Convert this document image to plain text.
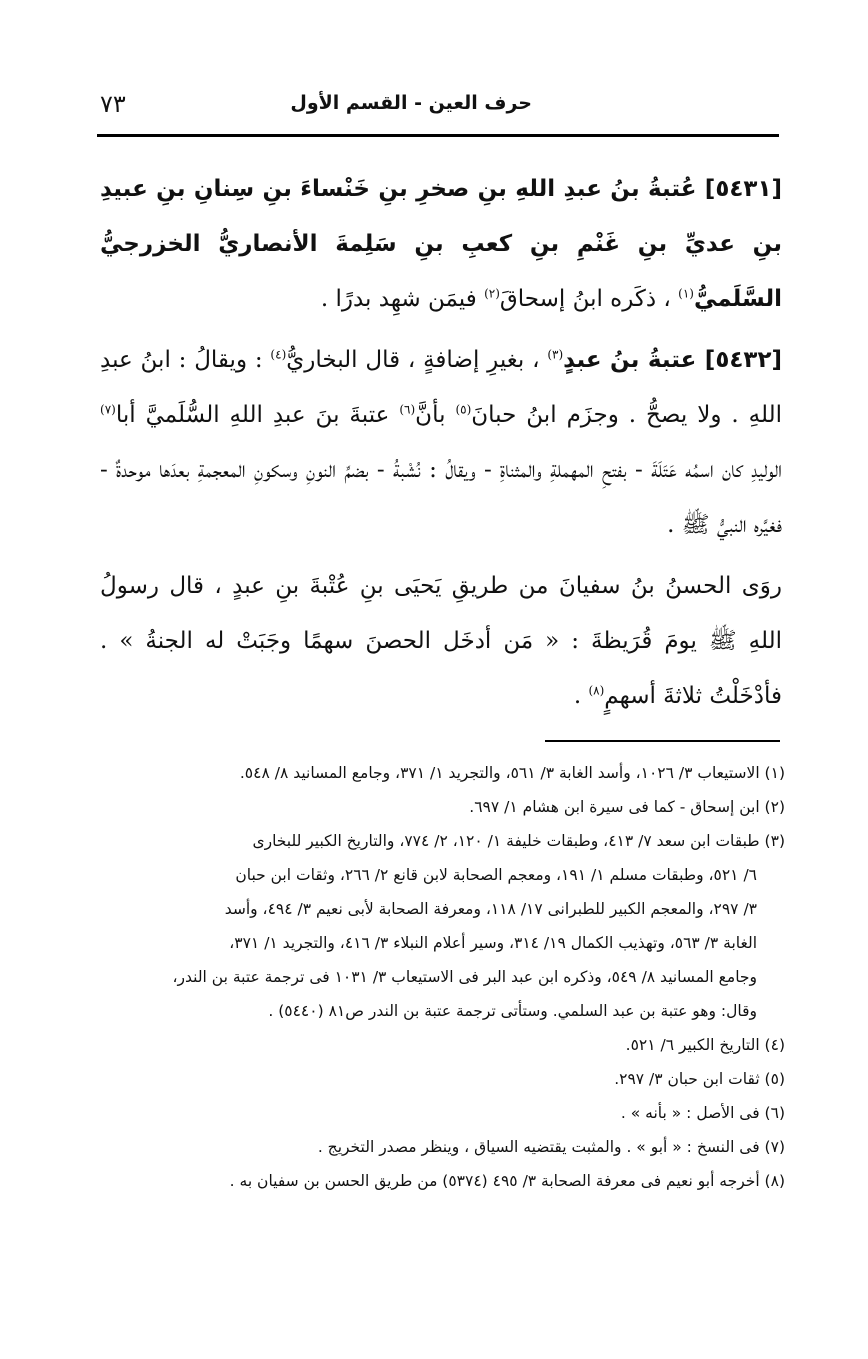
حرف العين - القسم الأول
٧٣

[٥٤٣١] عُتبةُ بنُ عبدِ اللهِ بنِ صخرِ بنِ خَنْساءَ بنِ سِنانِ بنِ عبيدِ بنِ عديِّ بنِ غَنْمِ بنِ كعبِ بنِ سَلِمةَ الأنصاريُّ الخزرجيُّ السَّلَميُّ$^{(١)}$ ، ذكَره ابنُ إسحاقَ$^{(٢)}$ فيمَن شهِد بدرًا .

[٥٤٣٢] عتبةُ بنُ عبدٍ$^{(٣)}$ ، بغيرِ إضافةٍ ، قال البخاريُّ$^{(٤)}$ : ويقالُ : ابنُ عبدِ اللهِ . ولا يصحُّ . وجزَم ابنُ حبانَ$^{(٥)}$ بأنَّ$^{(٦)}$ عتبةَ بنَ عبدِ اللهِ السُّلَميَّ أبا$^{(٧)}$ الوليدِ كان اسمُه عَتَلَةَ - بفتحِ المهملةِ والمثناةِ - ويقالُ : نُشْبةُ - بضمِّ النونِ وسكونِ المعجمةِ بعدَها موحدةٌ - فغيَّره النبيُّ ﷺ .

روَى الحسنُ بنُ سفيانَ من طريقِ يَحيَى بنِ عُتْبةَ بنِ عبدٍ ، قال رسولُ اللهِ ﷺ يومَ قُرَيظةَ : « مَن أدخَل الحصنَ سهمًا وجَبَتْ له الجنةُ » . فأدْخَلْتُ ثلاثةَ أسهمٍ$^{(٨)}$ .

(١) الاستيعاب ٣/ ١٠٢٦، وأسد الغابة ٣/ ٥٦١، والتجريد ١/ ٣٧١، وجامع المسانيد ٨/ ٥٤٨.

(٢) ابن إسحاق - كما فى سيرة ابن هشام ١/ ٦٩٧.

(٣) طبقات ابن سعد ٧/ ٤١٣، وطبقات خليفة ١/ ١٢٠، ٢/ ٧٧٤، والتاريخ الكبير للبخارى

٦/ ٥٢١، وطبقات مسلم ١/ ١٩١، ومعجم الصحابة لابن قانع ٢/ ٢٦٦، وثقات ابن حبان

٣/ ٢٩٧، والمعجم الكبير للطبرانى ١٧/ ١١٨، ومعرفة الصحابة لأبى نعيم ٣/ ٤٩٤، وأسد

الغابة ٣/ ٥٦٣، وتهذيب الكمال ١٩/ ٣١٤، وسير أعلام النبلاء ٣/ ٤١٦، والتجريد ١/ ٣٧١،

وجامع المسانيد ٨/ ٥٤٩، وذكره ابن عبد البر فى الاستيعاب ٣/ ١٠٣١ فى ترجمة عتبة بن الندر،

وقال: وهو عتبة بن عبد السلمي. وستأتى ترجمة عتبة بن الندر ص٨١ (٥٤٤٠) .

(٤) التاريخ الكبير ٦/ ٥٢١.

(٥) ثقات ابن حبان ٣/ ٢٩٧.

(٦) فى الأصل : « بأنه » .

(٧) فى النسخ : « أبو » . والمثبت يقتضيه السياق ، وينظر مصدر التخريج .

(٨) أخرجه أبو نعيم فى معرفة الصحابة ٣/ ٤٩٥ (٥٣٧٤) من طريق الحسن بن سفيان به .
